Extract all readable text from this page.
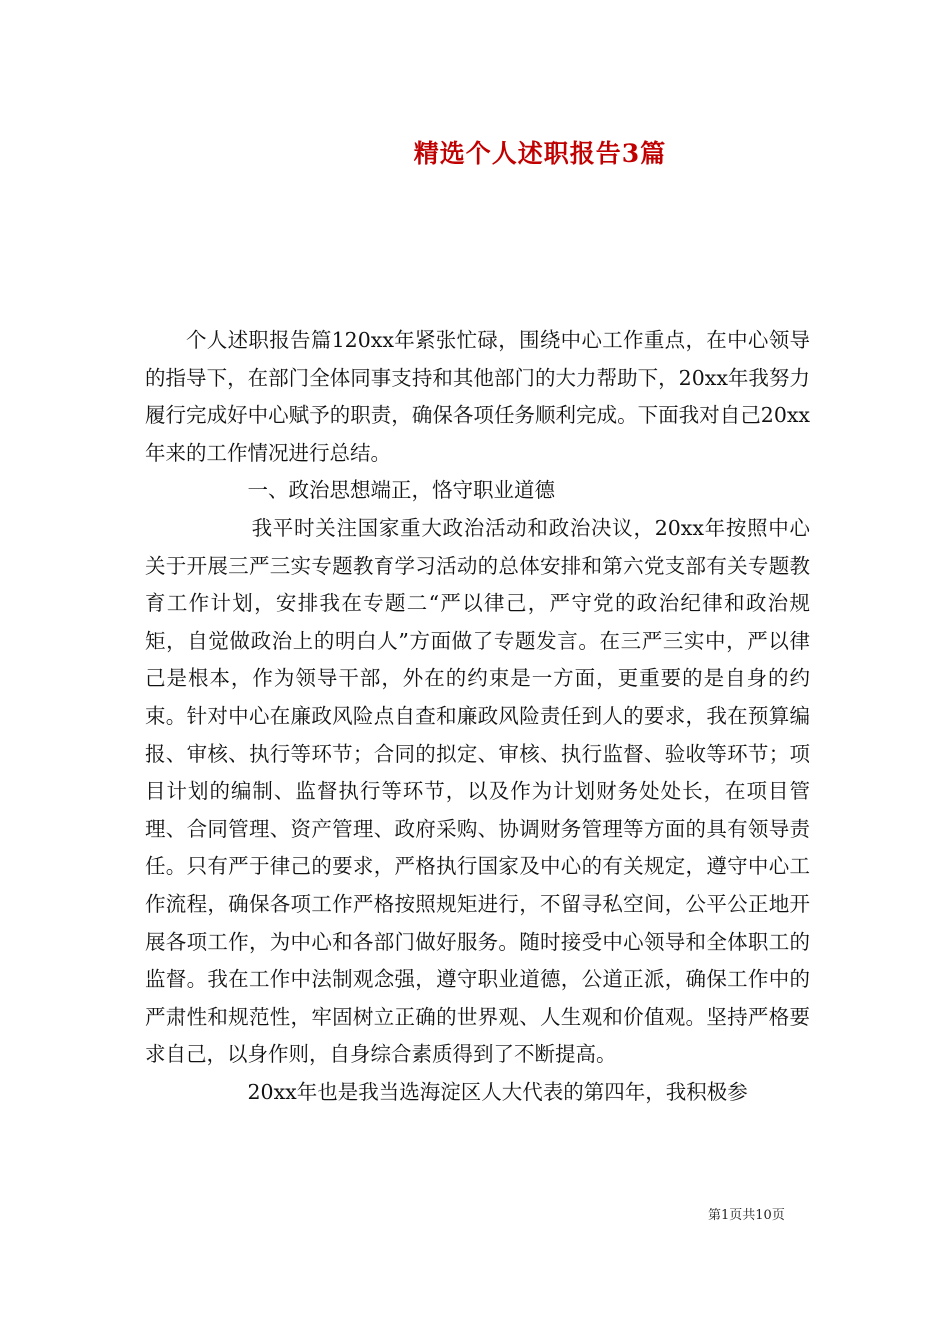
精选个人述职报告3篇

个人述职报告篇120xx年紧张忙碌，围绕中心工作重点，在中心领导的指导下，在部门全体同事支持和其他部门的大力帮助下，20xx年我努力履行完成好中心赋予的职责，确保各项任务顺利完成。下面我对自己20xx年来的工作情况进行总结。

一、政治思想端正，恪守职业道德

我平时关注国家重大政治活动和政治决议，20xx年按照中心关于开展三严三实专题教育学习活动的总体安排和第六党支部有关专题教育工作计划，安排我在专题二“严以律己，严守党的政治纪律和政治规矩，自觉做政治上的明白人”方面做了专题发言。在三严三实中，严以律己是根本，作为领导干部，外在的约束是一方面，更重要的是自身的约束。针对中心在廉政风险点自查和廉政风险责任到人的要求，我在预算编报、审核、执行等环节；合同的拟定、审核、执行监督、验收等环节；项目计划的编制、监督执行等环节，以及作为计划财务处处长，在项目管理、合同管理、资产管理、政府采购、协调财务管理等方面的具有领导责任。只有严于律己的要求，严格执行国家及中心的有关规定，遵守中心工作流程，确保各项工作严格按照规矩进行，不留寻私空间，公平公正地开展各项工作，为中心和各部门做好服务。随时接受中心领导和全体职工的监督。我在工作中法制观念强，遵守职业道德，公道正派，确保工作中的严肃性和规范性，牢固树立正确的世界观、人生观和价值观。坚持严格要求自己，以身作则，自身综合素质得到了不断提高。

20xx年也是我当选海淀区人大代表的第四年，我积极参

第1页共10页
